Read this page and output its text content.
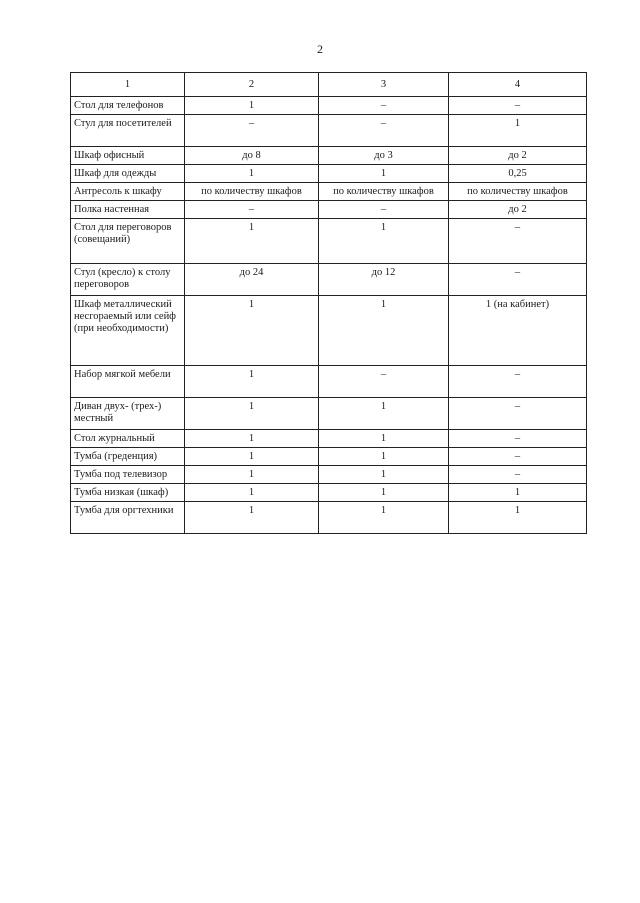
2
1	2	3	4
Стол для телефонов	1	–	–
Стул для посетителей	–	–	1
Шкаф офисный	до 8	до 3	до 2
Шкаф для одежды	1	1	0,25
Антресоль к шкафу	по количеству шкафов	по количеству шкафов	по количеству шкафов
Полка настенная	–	–	до 2
Стол для переговоров (совещаний)	1	1	–
Стул (кресло) к столу переговоров	до 24	до 12	–
Шкаф металлический несгораемый или сейф (при необходимости)	1	1	1 (на кабинет)
Набор мягкой мебели	1	–	–
Диван двух- (трех-) местный	1	1	–
Стол журнальный	1	1	–
Тумба (греденция)	1	1	–
Тумба под телевизор	1	1	–
Тумба низкая (шкаф)	1	1	1
Тумба для оргтехники	1	1	1
